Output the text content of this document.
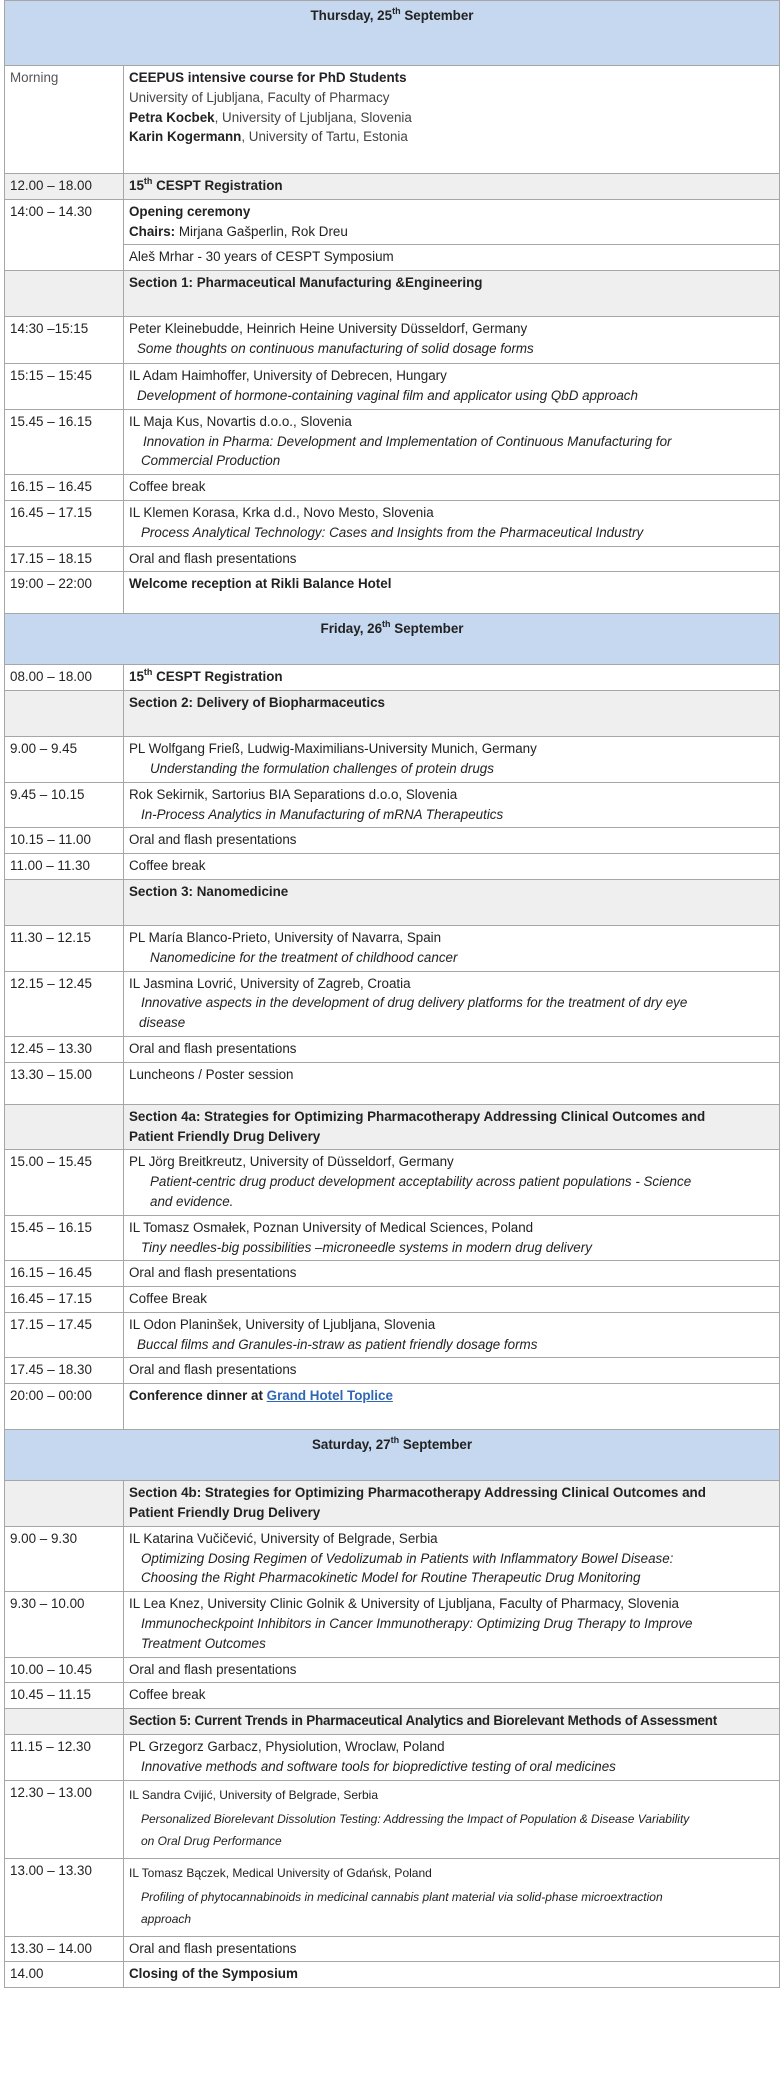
Thursday, 25th September	
Morning	CEEPUS intensive course for PhD Students
University of Ljubljana, Faculty of Pharmacy
Petra Kocbek, University of Ljubljana, Slovenia
Karin Kogermann, University of Tartu, Estonia

12.00 – 18.00	15th CESPT Registration
14:00 – 14.30	Opening ceremony
Chairs: Mirjana Gašperlin, Rok Dreu

	Aleš Mrhar - 30 years of CESPT Symposium
	Section 1: Pharmaceutical Manufacturing &Engineering
14:30 –15:15	Peter Kleinebudde, Heinrich Heine University Düsseldorf, Germany
Some thoughts on continuous manufacturing of solid dosage forms

15:15 – 15:45	IL Adam Haimhoffer, University of Debrecen, Hungary
Development of hormone-containing vaginal film and applicator using QbD approach

15.45 – 16.15	IL Maja Kus, Novartis d.o.o., Slovenia
Innovation in Pharma: Development and Implementation of Continuous Manufacturing for
Commercial Production

16.15 – 16.45	Coffee break
16.45 – 17.15	IL Klemen Korasa, Krka d.d., Novo Mesto, Slovenia
Process Analytical Technology: Cases and Insights from the Pharmaceutical Industry

17.15 – 18.15	Oral and flash presentations
19:00 – 22:00	Welcome reception at Rikli Balance Hotel
Friday, 26th September	
08.00 – 18.00	15th CESPT Registration
	Section 2: Delivery of Biopharmaceutics
9.00 – 9.45	PL Wolfgang Frieß, Ludwig-Maximilians-University Munich, Germany
Understanding the formulation challenges of protein drugs

9.45 – 10.15	Rok Sekirnik, Sartorius BIA Separations d.o.o, Slovenia
In-Process Analytics in Manufacturing of mRNA Therapeutics

10.15 – 11.00	Oral and flash presentations
11.00 – 11.30	Coffee break
	Section 3: Nanomedicine
11.30 – 12.15	PL María Blanco-Prieto, University of Navarra, Spain
Nanomedicine for the treatment of childhood cancer

12.15 – 12.45	IL Jasmina Lovrić, University of Zagreb, Croatia
Innovative aspects in the development of drug delivery platforms for the treatment of dry eye
disease

12.45 – 13.30	Oral and flash presentations
13.30 – 15.00	Luncheons / Poster session

	Section 4a: Strategies for Optimizing Pharmacotherapy Addressing Clinical Outcomes and
Patient Friendly Drug Delivery

15.00 – 15.45	PL Jörg Breitkreutz, University of Düsseldorf, Germany
Patient-centric drug product development acceptability across patient populations - Science
and evidence.

15.45 – 16.15	IL Tomasz Osmałek, Poznan University of Medical Sciences, Poland
Tiny needles-big possibilities –microneedle systems in modern drug delivery

16.15 – 16.45	Oral and flash presentations
16.45 – 17.15	Coffee Break
17.15 – 17.45	IL Odon Planinšek, University of Ljubljana, Slovenia
Buccal films and Granules-in-straw as patient friendly dosage forms

17.45 – 18.30	Oral and flash presentations
20:00 – 00:00	Conference dinner at Grand Hotel Toplice
Saturday, 27th September	

	Section 4b: Strategies for Optimizing Pharmacotherapy Addressing Clinical Outcomes and
Patient Friendly Drug Delivery

9.00 – 9.30	IL Katarina Vučičević, University of Belgrade, Serbia
Optimizing Dosing Regimen of Vedolizumab in Patients with Inflammatory Bowel Disease:
Choosing the Right Pharmacokinetic Model for Routine Therapeutic Drug Monitoring

9.30 – 10.00	IL Lea Knez, University Clinic Golnik & University of Ljubljana, Faculty of Pharmacy, Slovenia
Immunocheckpoint Inhibitors in Cancer Immunotherapy: Optimizing Drug Therapy to Improve
Treatment Outcomes

10.00 – 10.45	Oral and flash presentations
10.45 – 11.15	Coffee break
	Section 5: Current Trends in Pharmaceutical Analytics and Biorelevant Methods of Assessment
11.15 – 12.30	PL Grzegorz Garbacz, Physiolution, Wroclaw, Poland
Innovative methods and software tools for biopredictive testing of oral medicines

12.30 – 13.00	IL Sandra Cvijić, University of Belgrade, Serbia
Personalized Biorelevant Dissolution Testing: Addressing the Impact of Population & Disease Variability
on Oral Drug Performance

13.00 – 13.30	IL Tomasz Bączek, Medical University of Gdańsk, Poland
Profiling of phytocannabinoids in medicinal cannabis plant material via solid-phase microextraction
approach

13.30 – 14.00	Oral and flash presentations
14.00	Closing of the Symposium
